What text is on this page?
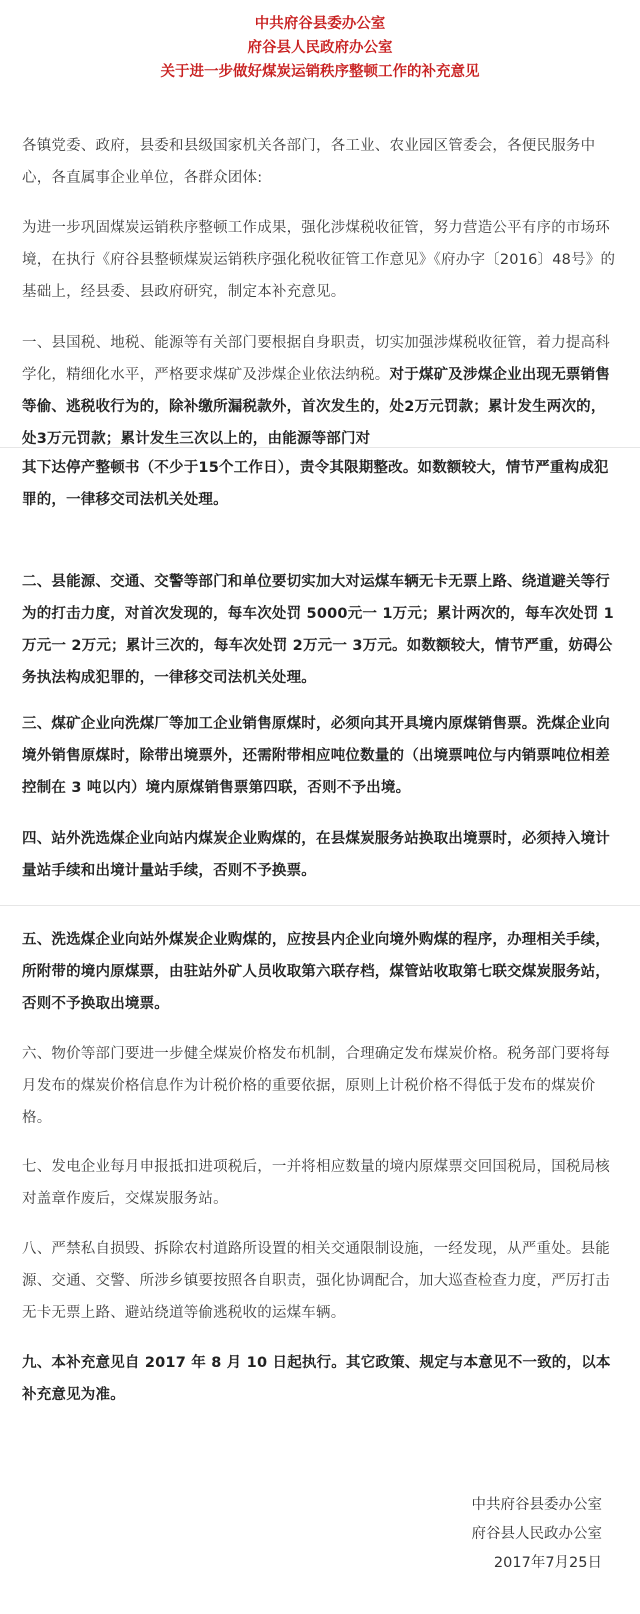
中共府谷县委办公室
府谷县人民政府办公室
关于进一步做好煤炭运销秩序整顿工作的补充意见
各镇党委、政府，县委和县级国家机关各部门，各工业、农业园区管委会，各便民服务中心，各直属事企业单位，各群众团体:
为进一步巩固煤炭运销秩序整顿工作成果，强化涉煤税收征管，努力营造公平有序的市场环境，在执行《府谷县整顿煤炭运销秩序强化税收征管工作意见》《府办字〔2016〕48号》的基础上，经县委、县政府研究，制定本补充意见。
一、县国税、地税、能源等有关部门要根据自身职责，切实加强涉煤税收征管，着力提高科学化，精细化水平，严格要求煤矿及涉煤企业依法纳税。对于煤矿及涉煤企业出现无票销售等偷、逃税收行为的，除补缴所漏税款外，首次发生的，处2万元罚款；累计发生两次的，处3万元罚款；累计发生三次以上的，由能源等部门对
其下达停产整顿书（不少于15个工作日），责令其限期整改。如数额较大，情节严重构成犯罪的，一律移交司法机关处理。
二、县能源、交通、交警等部门和单位要切实加大对运煤车辆无卡无票上路、绕道避关等行为的打击力度，对首次发现的，每车次处罚 5000元一 1万元；累计两次的，每车次处罚 1万元一 2万元；累计三次的，每车次处罚 2万元一 3万元。如数额较大，情节严重，妨碍公务执法构成犯罪的，一律移交司法机关处理。
三、煤矿企业向洗煤厂等加工企业销售原煤时，必须向其开具境内原煤销售票。洗煤企业向境外销售原煤时，除带出境票外，还需附带相应吨位数量的（出境票吨位与内销票吨位相差控制在 3 吨以内）境内原煤销售票第四联，否则不予出境。
四、站外洗选煤企业向站内煤炭企业购煤的，在县煤炭服务站换取出境票时，必须持入境计量站手续和出境计量站手续，否则不予换票。
五、洗选煤企业向站外煤炭企业购煤的，应按县内企业向境外购煤的程序，办理相关手续，所附带的境内原煤票，由驻站外矿人员收取第六联存档，煤管站收取第七联交煤炭服务站，否则不予换取出境票。
六、物价等部门要进一步健全煤炭价格发布机制，合理确定发布煤炭价格。税务部门要将每月发布的煤炭价格信息作为计税价格的重要依据，原则上计税价格不得低于发布的煤炭价格。
七、发电企业每月申报抵扣进项税后，一并将相应数量的境内原煤票交回国税局，国税局核对盖章作废后，交煤炭服务站。
八、严禁私自损毁、拆除农村道路所设置的相关交通限制设施，一经发现，从严重处。县能源、交通、交警、所涉乡镇要按照各自职责，强化协调配合，加大巡查检查力度，严厉打击无卡无票上路、避站绕道等偷逃税收的运煤车辆。
九、本补充意见自 2017 年 8 月 10 日起执行。其它政策、规定与本意见不一致的，以本补充意见为准。
中共府谷县委办公室
府谷县人民政办公室
2017年7月25日
